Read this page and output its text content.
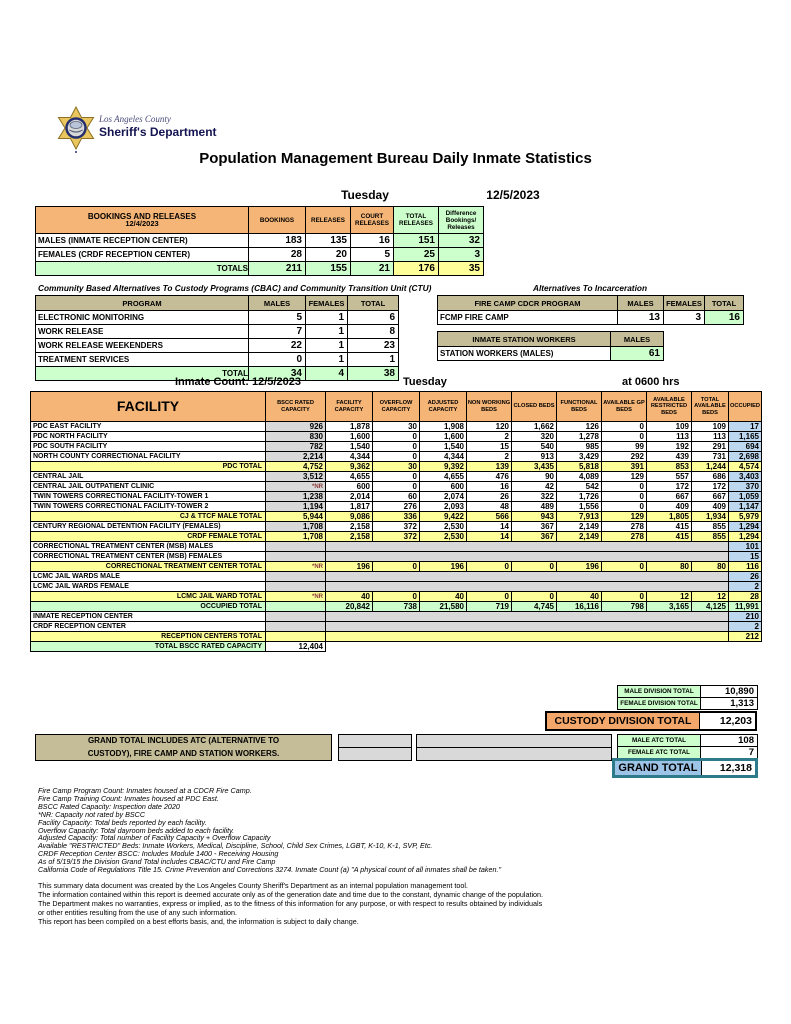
Los Angeles County
Sheriff's Department
Population Management Bureau Daily Inmate Statistics
Tuesday	12/5/2023
BOOKINGS AND RELEASES
12/4/2023	BOOKINGS	RELEASES	COURT RELEASES	TOTAL RELEASES	Difference Bookings/ Releases
MALES (INMATE RECEPTION CENTER)	183	135	16	151	32
FEMALES (CRDF RECEPTION CENTER)	28	20	5	25	3
TOTALS	211	155	21	176	35
Community Based Alternatives To Custody Programs (CBAC) and Community Transition Unit (CTU)
PROGRAM	MALES	FEMALES	TOTAL
ELECTRONIC MONITORING	5	1	6
WORK RELEASE	7	1	8
WORK RELEASE WEEKENDERS	22	1	23
TREATMENT SERVICES	0	1	1
TOTAL	34	4	38
Alternatives To Incarceration
FIRE CAMP CDCR PROGRAM	MALES	FEMALES	TOTAL
FCMP FIRE CAMP	13	3	16
INMATE STATION WORKERS	MALES
STATION WORKERS (MALES)	61
Inmate Count: 12/5/2023	Tuesday	at 0600 hrs
FACILITY	BSCC RATED CAPACITY	FACILITY CAPACITY	OVERFLOW CAPACITY	ADJUSTED CAPACITY	NON WORKING BEDS	CLOSED BEDS	FUNCTIONAL BEDS	AVAILABLE GP BEDS	AVAILABLE RESTRICTED BEDS	TOTAL AVAILABLE BEDS	OCCUPIED
PDC EAST FACILITY	926	1,878	30	1,908	120	1,662	126	0	109	109	17
PDC NORTH FACILITY	830	1,600	0	1,600	2	320	1,278	0	113	113	1,165
PDC SOUTH FACILITY	782	1,540	0	1,540	15	540	985	99	192	291	694
NORTH COUNTY CORRECTIONAL FACILITY	2,214	4,344	0	4,344	2	913	3,429	292	439	731	2,698
PDC TOTAL	4,752	9,362	30	9,392	139	3,435	5,818	391	853	1,244	4,574
CENTRAL JAIL	3,512	4,655	0	4,655	476	90	4,089	129	557	686	3,403
CENTRAL JAIL OUTPATIENT CLINIC	*NR	600	0	600	16	42	542	0	172	172	370
TWIN TOWERS CORRECTIONAL FACILITY-TOWER 1	1,238	2,014	60	2,074	26	322	1,726	0	667	667	1,059
TWIN TOWERS CORRECTIONAL FACILITY-TOWER 2	1,194	1,817	276	2,093	48	489	1,556	0	409	409	1,147
CJ & TTCF MALE TOTAL	5,944	9,086	336	9,422	566	943	7,913	129	1,805	1,934	5,979
CENTURY REGIONAL DETENTION FACILITY (FEMALES)	1,708	2,158	372	2,530	14	367	2,149	278	415	855	1,294
CRDF FEMALE TOTAL	1,708	2,158	372	2,530	14	367	2,149	278	415	855	1,294
CORRECTIONAL TREATMENT CENTER (MSB) MALES											101
CORRECTIONAL TREATMENT CENTER (MSB) FEMALES											15
CORRECTIONAL TREATMENT CENTER TOTAL	*NR	196	0	196	0	0	196	0	80	80	116
LCMC JAIL WARDS MALE											26
LCMC JAIL WARDS FEMALE											2
LCMC JAIL WARD TOTAL	*NR	40	0	40	0	0	40	0	12	12	28
OCCUPIED TOTAL		20,842	738	21,580	719	4,745	16,116	798	3,165	4,125	11,991
INMATE RECEPTION CENTER											210
CRDF RECEPTION CENTER											2
RECEPTION CENTERS TOTAL											212
TOTAL BSCC RATED CAPACITY	12,404										
MALE DIVISION TOTAL	10,890
FEMALE DIVISION TOTAL	1,313
CUSTODY DIVISION TOTAL	12,203
GRAND TOTAL INCLUDES ATC (ALTERNATIVE TO
CUSTODY), FIRE CAMP AND STATION WORKERS.
MALE ATC TOTAL	108
FEMALE ATC TOTAL	7
GRAND TOTAL	12,318
Fire Camp Program Count: Inmates housed at a CDCR Fire Camp.
Fire Camp Training Count: Inmates housed at PDC East.
BSCC Rated Capacity: Inspection date 2020
*NR: Capacity not rated by BSCC
Facility Capacity: Total beds reported by each facility.
Overflow Capacity: Total dayroom beds added to each facility.
Adjusted Capacity: Total number of Facility Capacity + Overflow Capacity
Available "RESTRICTED" Beds: Inmate Workers, Medical, Discipline, School, Child Sex Crimes, LGBT, K-10, K-1, SVP, Etc.
CRDF Reception Center BSCC: Includes Module 1400 - Receiving Housing
As of 5/19/15 the Division Grand Total includes CBAC/CTU and Fire Camp
California Code of Regulations Title 15. Crime Prevention and Corrections 3274. Inmate Count (a) "A physical count of all inmates shall be taken."
This summary data document was created by the Los Angeles County Sheriff's Department as an internal population management tool.
The information contained within this report is deemed accurate only as of the generation date and time due to the constant, dynamic change of the population.
The Department makes no warranties, express or implied, as to the fitness of this information for any purpose, or with respect to results obtained by individuals
or other entities resulting from the use of any such information.
This report has been compiled on a best efforts basis, and, the information is subject to daily change.
